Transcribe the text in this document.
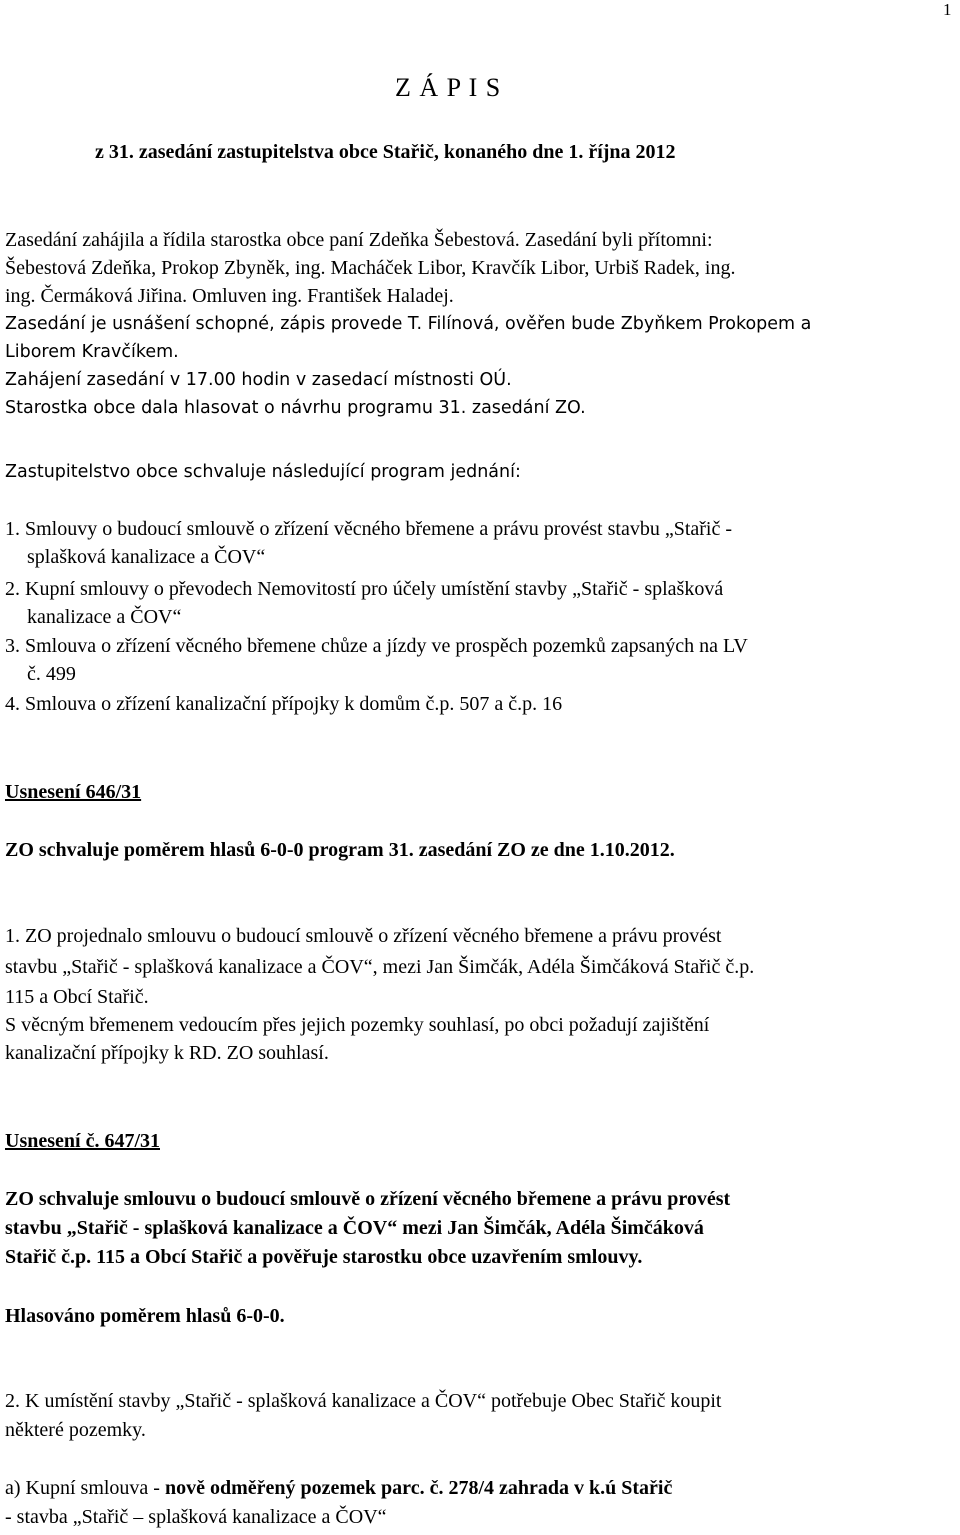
1
Z Á P I S
z 31. zasedání zastupitelstva obce Stařič, konaného dne 1. října 2012
Zasedání zahájila a řídila starostka obce paní Zdeňka Šebestová. Zasedání byli přítomni:
Šebestová Zdeňka, Prokop Zbyněk, ing. Macháček Libor, Kravčík Libor, Urbiš Radek, ing.
ing. Čermáková Jiřina. Omluven ing. František Haladej.
Zasedání je usnášení schopné, zápis provede T. Filínová, ověřen bude Zbyňkem Prokopem a
Liborem Kravčíkem.
Zahájení zasedání v 17.00 hodin v zasedací místnosti OÚ.
Starostka obce dala hlasovat o návrhu programu 31. zasedání ZO.
Zastupitelstvo obce schvaluje následující program jednání:
1. Smlouvy o budoucí smlouvě o zřízení věcného břemene a právu provést stavbu „Stařič -
splašková kanalizace a ČOV“
2. Kupní smlouvy o převodech Nemovitostí pro účely umístění stavby „Stařič - splašková
kanalizace a ČOV“
3. Smlouva o zřízení věcného břemene chůze a jízdy ve prospěch pozemků zapsaných na LV
č. 499
4. Smlouva o zřízení kanalizační přípojky k domům č.p. 507 a č.p. 16
Usnesení 646/31
ZO schvaluje poměrem hlasů 6-0-0 program 31. zasedání ZO ze dne 1.10.2012.
1. ZO projednalo smlouvu o budoucí smlouvě o zřízení věcného břemene a právu provést
stavbu „Stařič - splašková kanalizace a ČOV“, mezi Jan Šimčák, Adéla Šimčáková Stařič č.p.
115 a Obcí Stařič.
S věcným břemenem vedoucím přes jejich pozemky souhlasí, po obci požadují zajištění
kanalizační přípojky k RD. ZO souhlasí.
Usnesení č. 647/31
ZO schvaluje smlouvu o budoucí smlouvě o zřízení věcného břemene a právu provést
stavbu „Stařič - splašková kanalizace a ČOV“ mezi Jan Šimčák, Adéla Šimčáková
Stařič č.p. 115 a Obcí Stařič a pověřuje starostku obce uzavřením smlouvy.
Hlasováno poměrem hlasů 6-0-0.
2. K umístění stavby „Stařič - splašková kanalizace a ČOV“ potřebuje Obec Stařič koupit
některé pozemky.
a) Kupní smlouva - nově odměřený pozemek parc. č. 278/4 zahrada v k.ú Stařič
- stavba „Stařič – splašková kanalizace a ČOV“
